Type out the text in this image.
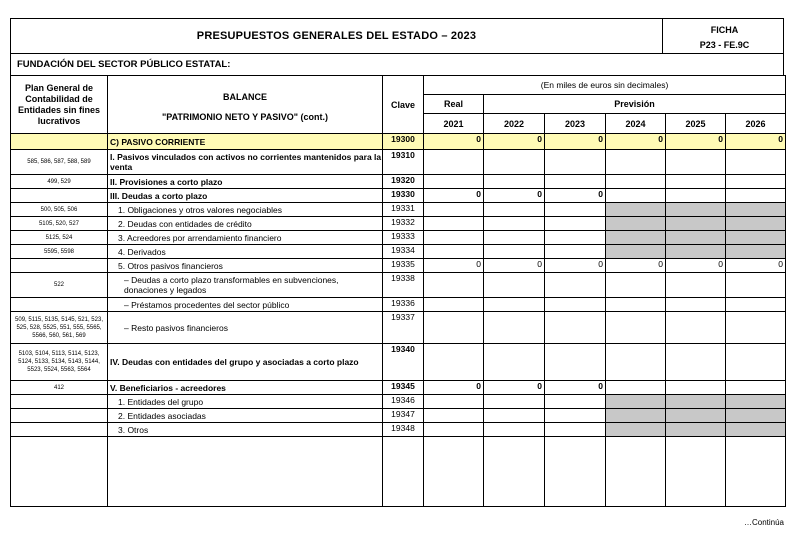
PRESUPUESTOS GENERALES DEL ESTADO – 2023	FICHA
P23 - FE.9C
FUNDACIÓN DEL SECTOR PÚBLICO ESTATAL:
Plan General de Contabilidad de Entidades sin fines lucrativos	BALANCE
"PATRIMONIO NETO Y PASIVO" (cont.)	Clave	(En miles de euros sin decimales)					
			Real	Previsión				
			2021	2022	2023	2024	2025	2026
	C) PASIVO CORRIENTE	19300	0	0	0	0	0	0
585, 586, 587, 588, 589	I. Pasivos vinculados con activos no corrientes mantenidos para la venta	19310						
499, 529	II. Provisiones a corto plazo	19320						
	III. Deudas a corto plazo	19330	0	0	0			
500, 505, 506	1. Obligaciones y otros valores negociables	19331						
5105, 520, 527	2. Deudas con entidades de crédito	19332						
5125, 524	3. Acreedores por arrendamiento financiero	19333						
5595, 5598	4. Derivados	19334						
	5. Otros pasivos financieros	19335	0	0	0	0	0	0
522	– Deudas a corto plazo transformables en subvenciones, donaciones y legados	19338						
	– Préstamos procedentes del sector público	19336						
509, 5115, 5135, 5145, 521, 523, 525, 528, 5525, 551, 555, 5565, 5566, 560, 561, 569	– Resto pasivos financieros	19337						
5103, 5104, 5113, 5114, 5123, 5124, 5133, 5134, 5143, 5144, 5523, 5524, 5563, 5564	IV. Deudas con entidades del grupo y asociadas a corto plazo	19340						
412	V. Beneficiarios - acreedores	19345	0	0	0			
	1. Entidades del grupo	19346						
	2. Entidades asociadas	19347						
	3. Otros	19348						

…Continúa
